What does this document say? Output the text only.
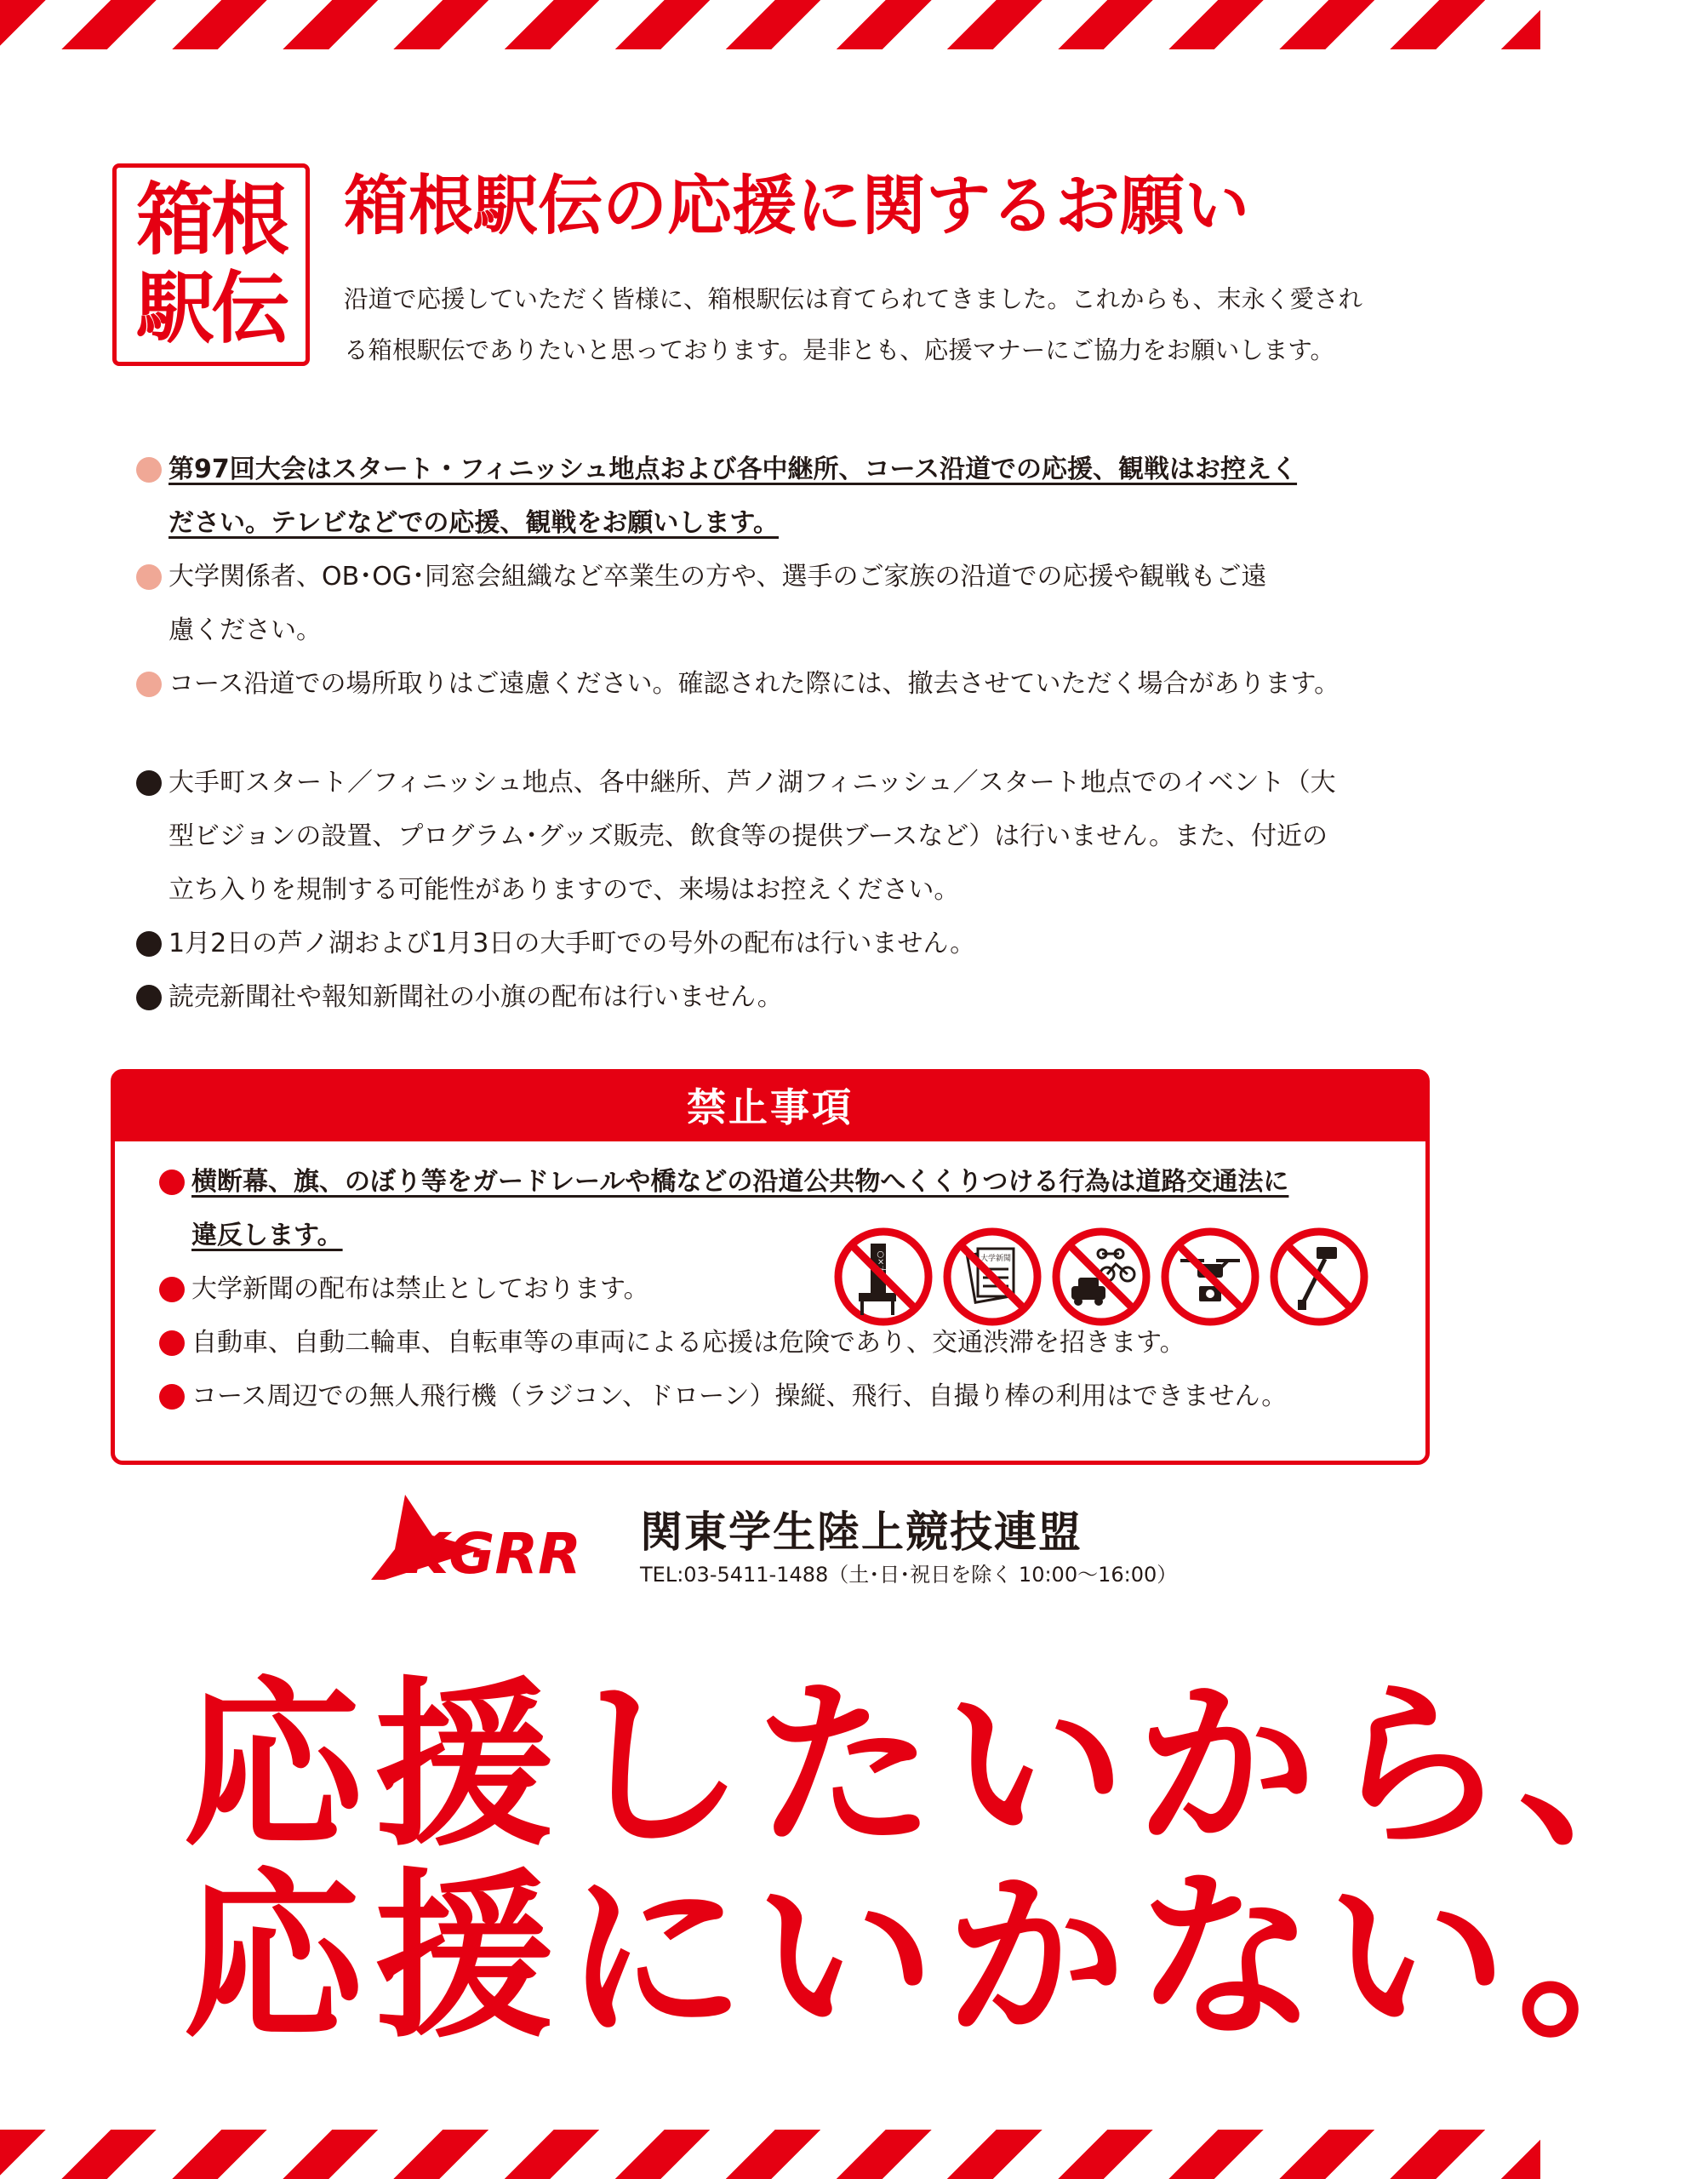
箱根
駅伝
箱根駅伝の応援に関するお願い
沿道で応援していただく皆様に、箱根駅伝は育てられてきました。これからも、末永く愛され
る箱根駅伝でありたいと思っております。是非とも、応援マナーにご協力をお願いします。
第97回大会はスタート・フィニッシュ地点および各中継所、コース沿道での応援、観戦はお控えく
ださい。テレビなどでの応援、観戦をお願いします。
大学関係者、OB･OG･同窓会組織など卒業生の方や、選手のご家族の沿道での応援や観戦もご遠
慮ください。
コース沿道での場所取りはご遠慮ください。確認された際には、撤去させていただく場合があります。
大手町スタート／フィニッシュ地点、各中継所、芦ノ湖フィニッシュ／スタート地点でのイベント（大
型ビジョンの設置、プログラム･グッズ販売、飲食等の提供ブースなど）は行いません。また、付近の
立ち入りを規制する可能性がありますので、来場はお控えください。
1月2日の芦ノ湖および1月3日の大手町での号外の配布は行いません。
読売新聞社や報知新聞社の小旗の配布は行いません。
禁止事項
横断幕、旗、のぼり等をガードレールや橋などの沿道公共物へくくりつける行為は道路交通法に
違反します。
大学新聞の配布は禁止としております。
自動車、自動二輪車、自転車等の車両による応援は危険であり、交通渋滞を招きます。
コース周辺での無人飛行機（ラジコン、ドローン）操縦、飛行、自撮り棒の利用はできません。
○×大	大学新聞
KGRR 関東学生陸上競技連盟
TEL:03-5411-1488（土･日･祝日を除く 10:00〜16:00）
応援したいから、
応援にいかない。
